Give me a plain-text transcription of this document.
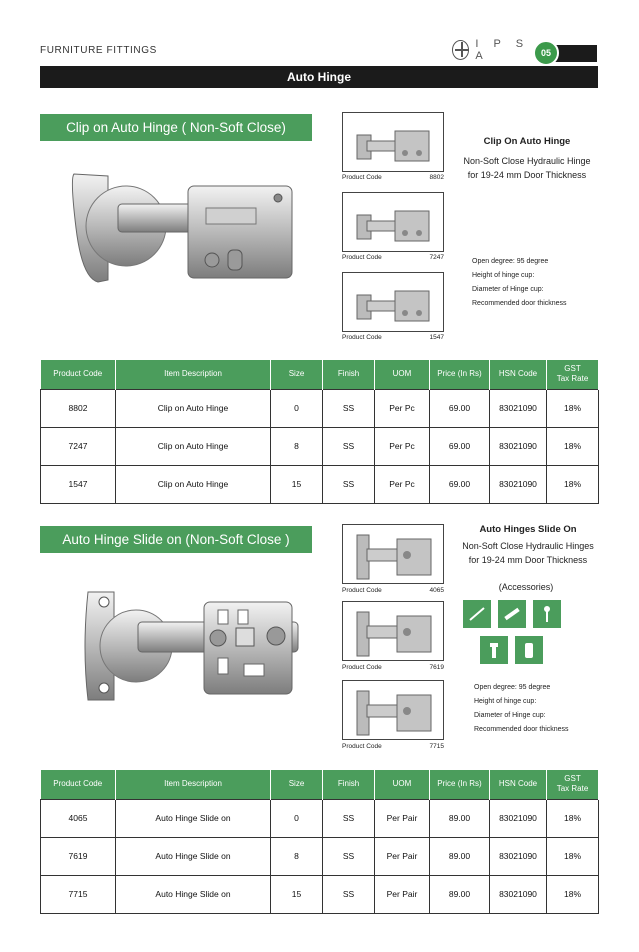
FURNITURE FITTINGS
I P S A	05
Auto Hinge
Clip on Auto Hinge ( Non-Soft Close)
Product Code	8802
Product Code	7247
Product Code	1547
Clip On Auto Hinge
Non-Soft Close Hydraulic Hinge
for 19-24 mm Door Thickness
Open degree: 95 degree
Height of hinge cup:
Diameter of Hinge cup:
Recommended door thickness
Product Code	Item Description	Size	Finish	UOM	Price (In Rs)	HSN Code	GST
Tax Rate
8802	Clip on Auto Hinge	0	SS	Per Pc	69.00	83021090	18%
7247	Clip on Auto Hinge	8	SS	Per Pc	69.00	83021090	18%
1547	Clip on Auto Hinge	15	SS	Per Pc	69.00	83021090	18%
Auto Hinge Slide on (Non-Soft Close )
Product Code	4065
Product Code	7619
Product Code	7715
Auto Hinges Slide On
Non-Soft Close Hydraulic Hinges
for 19-24 mm Door Thickness
(Accessories)
Open degree: 95 degree
Height of hinge cup:
Diameter of Hinge cup:
Recommended door thickness
Product Code	Item Description	Size	Finish	UOM	Price (In Rs)	HSN Code	GST
Tax Rate
4065	Auto Hinge Slide on	0	SS	Per Pair	89.00	83021090	18%
7619	Auto Hinge Slide on	8	SS	Per Pair	89.00	83021090	18%
7715	Auto Hinge Slide on	15	SS	Per Pair	89.00	83021090	18%
